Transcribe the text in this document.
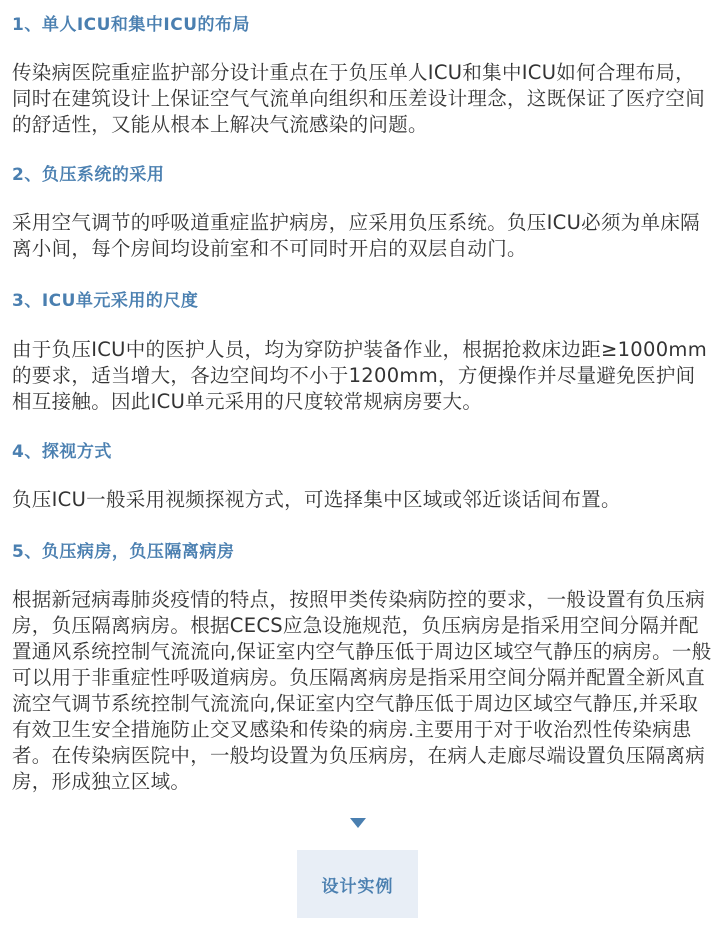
1、单人ICU和集中ICU的布局

传染病医院重症监护部分设计重点在于负压单人ICU和集中ICU如何合理布局，同时在建筑设计上保证空气气流单向组织和压差设计理念，这既保证了医疗空间的舒适性，又能从根本上解决气流感染的问题。

2、负压系统的采用

采用空气调节的呼吸道重症监护病房，应采用负压系统。负压ICU必须为单床隔离小间，每个房间均设前室和不可同时开启的双层自动门。

3、ICU单元采用的尺度

由于负压ICU中的医护人员，均为穿防护装备作业，根据抢救床边距≥1000mm的要求，适当增大，各边空间均不小于1200mm，方便操作并尽量避免医护间相互接触。因此ICU单元采用的尺度较常规病房要大。

4、探视方式

负压ICU一般采用视频探视方式，可选择集中区域或邻近谈话间布置。

5、负压病房，负压隔离病房

根据新冠病毒肺炎疫情的特点，按照甲类传染病防控的要求，一般设置有负压病房，负压隔离病房。根据CECS应急设施规范，负压病房是指采用空间分隔并配置通风系统控制气流流向,保证室内空气静压低于周边区域空气静压的病房。一般可以用于非重症性呼吸道病房。负压隔离病房是指采用空间分隔并配置全新风直流空气调节系统控制气流流向,保证室内空气静压低于周边区域空气静压,并采取有效卫生安全措施防止交叉感染和传染的病房.主要用于对于收治烈性传染病患者。在传染病医院中，一般均设置为负压病房，在病人走廊尽端设置负压隔离病房，形成独立区域。

设计实例
